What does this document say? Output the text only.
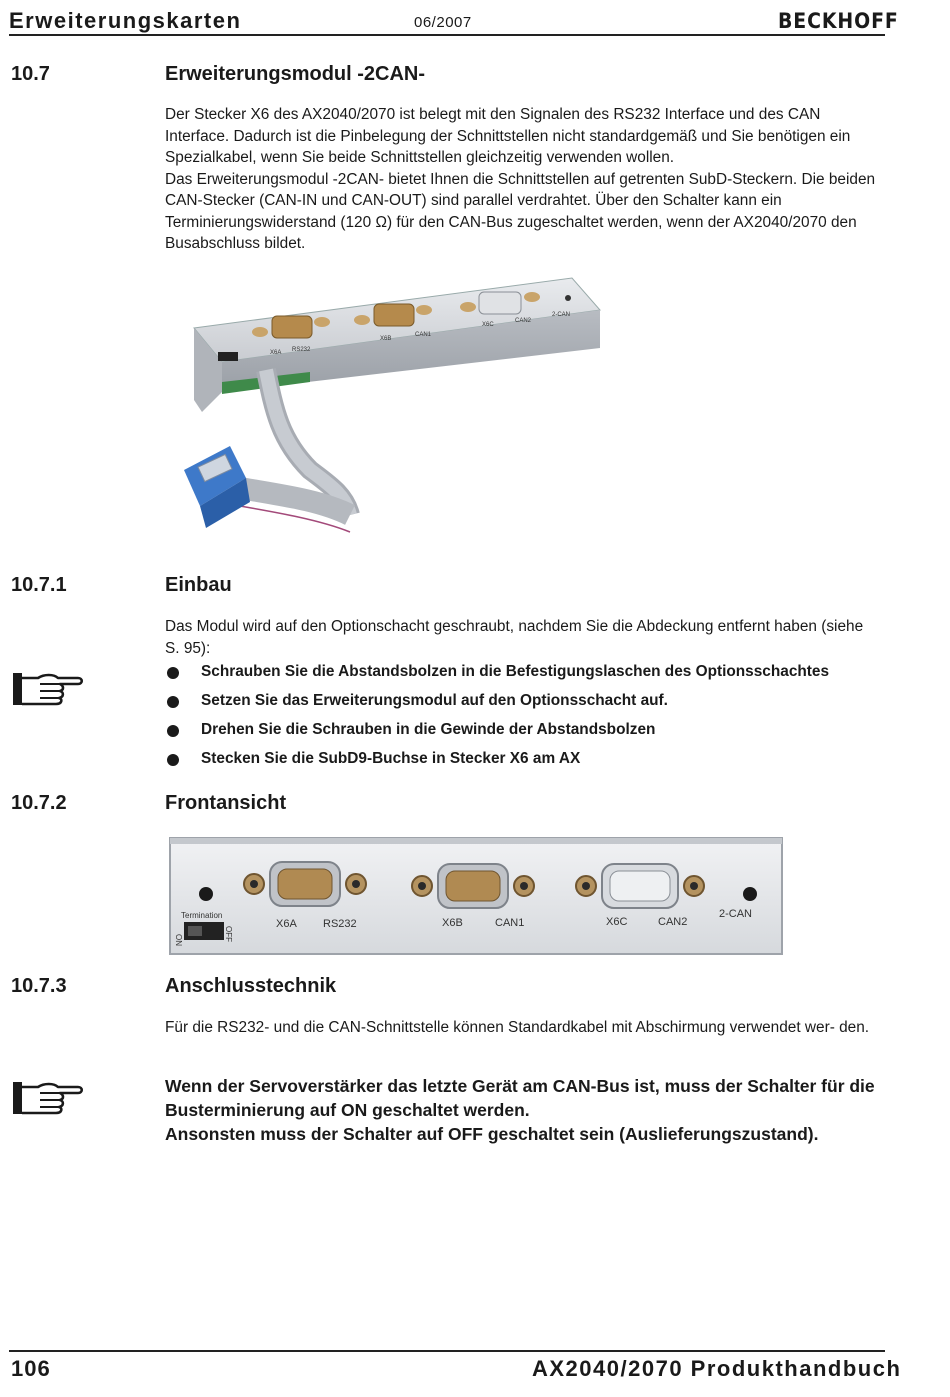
Erweiterungskarten	06/2007	BECKHOFF
10.7	Erweiterungsmodul -2CAN-

Der Stecker X6 des AX2040/2070 ist belegt mit den Signalen des RS232 Interface und des CAN Interface. Dadurch ist die Pinbelegung der Schnittstellen nicht standardgemäß und Sie benötigen ein Spezialkabel, wenn Sie beide Schnittstellen gleichzeitig verwenden wollen.

Das Erweiterungsmodul -2CAN- bietet Ihnen die Schnittstellen auf getrenten SubD-Steckern. Die beiden CAN-Stecker (CAN-IN und CAN-OUT) sind parallel verdrahtet. Über den Schalter kann ein Terminierungswiderstand (120 Ω) für den CAN-Bus zugeschaltet werden, wenn der AX2040/2070 den Busabschluss bildet.

X6A RS232
X6B
CAN1
X6C
CAN2
2-CAN
10.7.1	Einbau
Das Modul wird auf den Optionschacht geschraubt, nachdem Sie die Abdeckung entfernt haben (siehe S. 95):
Schrauben Sie die Abstandsbolzen in die Befestigungslaschen des Optionsschachtes
Setzen Sie das Erweiterungsmodul auf den Optionsschacht auf.
Drehen Sie die Schrauben in die Gewinde der Abstandsbolzen
Stecken Sie die SubD9-Buchse in Stecker X6 am AX
10.7.2	Frontansicht
Termination
ON	OFF
X6A RS232	X6B	CAN1	X6C	CAN2
2-CAN
10.7.3	Anschlusstechnik
Für die RS232- und die CAN-Schnittstelle können Standardkabel mit Abschirmung verwendet wer- den.

Wenn der Servoverstärker das letzte Gerät am CAN-Bus ist, muss der Schalter für die Busterminierung auf ON geschaltet werden.

Ansonsten muss der Schalter auf OFF geschaltet sein (Auslieferungszustand).

106	AX2040/2070 Produkthandbuch
